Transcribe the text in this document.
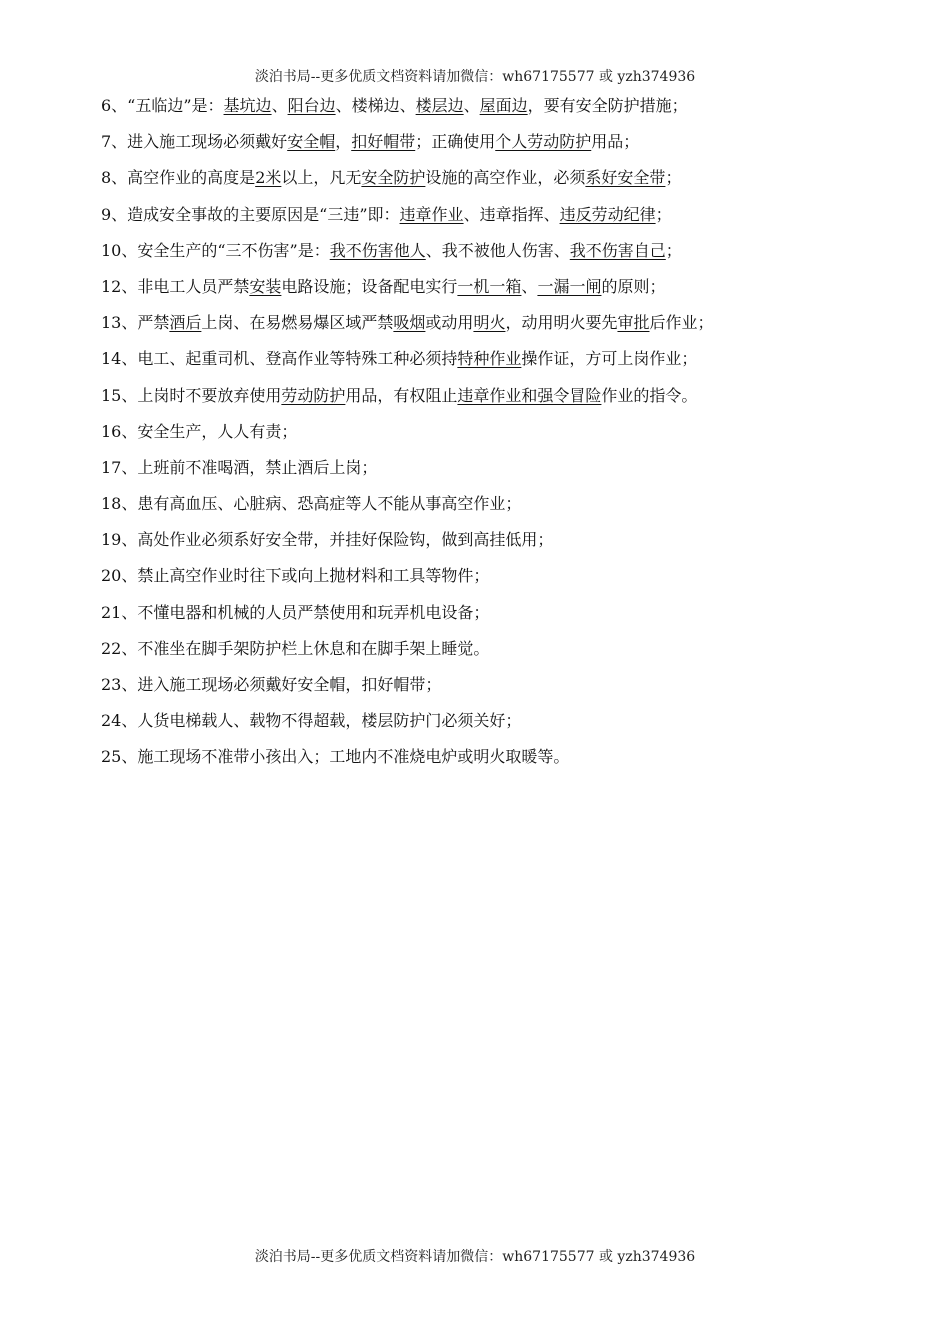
淡泊书局--更多优质文档资料请加微信：wh67175577 或 yzh374936
6、“五临边”是：基坑边、阳台边、楼梯边、楼层边、屋面边，要有安全防护措施；
7、进入施工现场必须戴好安全帽，扣好帽带；正确使用个人劳动防护用品；
8、高空作业的高度是2米以上，凡无安全防护设施的高空作业，必须系好安全带；
9、造成安全事故的主要原因是“三违”即：违章作业、违章指挥、违反劳动纪律；
10、安全生产的“三不伤害”是：我不伤害他人、我不被他人伤害、我不伤害自己；
12、非电工人员严禁安装电路设施；设备配电实行一机一箱、一漏一闸的原则；
13、严禁酒后上岗、在易燃易爆区域严禁吸烟或动用明火，动用明火要先审批后作业；
14、电工、起重司机、登高作业等特殊工种必须持特种作业操作证，方可上岗作业；
15、上岗时不要放弃使用劳动防护用品，有权阻止违章作业和强令冒险作业的指令。
16、安全生产，人人有责；
17、上班前不准喝酒，禁止酒后上岗；
18、患有高血压、心脏病、恐高症等人不能从事高空作业；
19、高处作业必须系好安全带，并挂好保险钩，做到高挂低用；
20、禁止高空作业时往下或向上抛材料和工具等物件；
21、不懂电器和机械的人员严禁使用和玩弄机电设备；
22、不准坐在脚手架防护栏上休息和在脚手架上睡觉。
23、进入施工现场必须戴好安全帽，扣好帽带；
24、人货电梯载人、载物不得超载，楼层防护门必须关好；
25、施工现场不准带小孩出入；工地内不准烧电炉或明火取暖等。
淡泊书局--更多优质文档资料请加微信：wh67175577 或 yzh374936
